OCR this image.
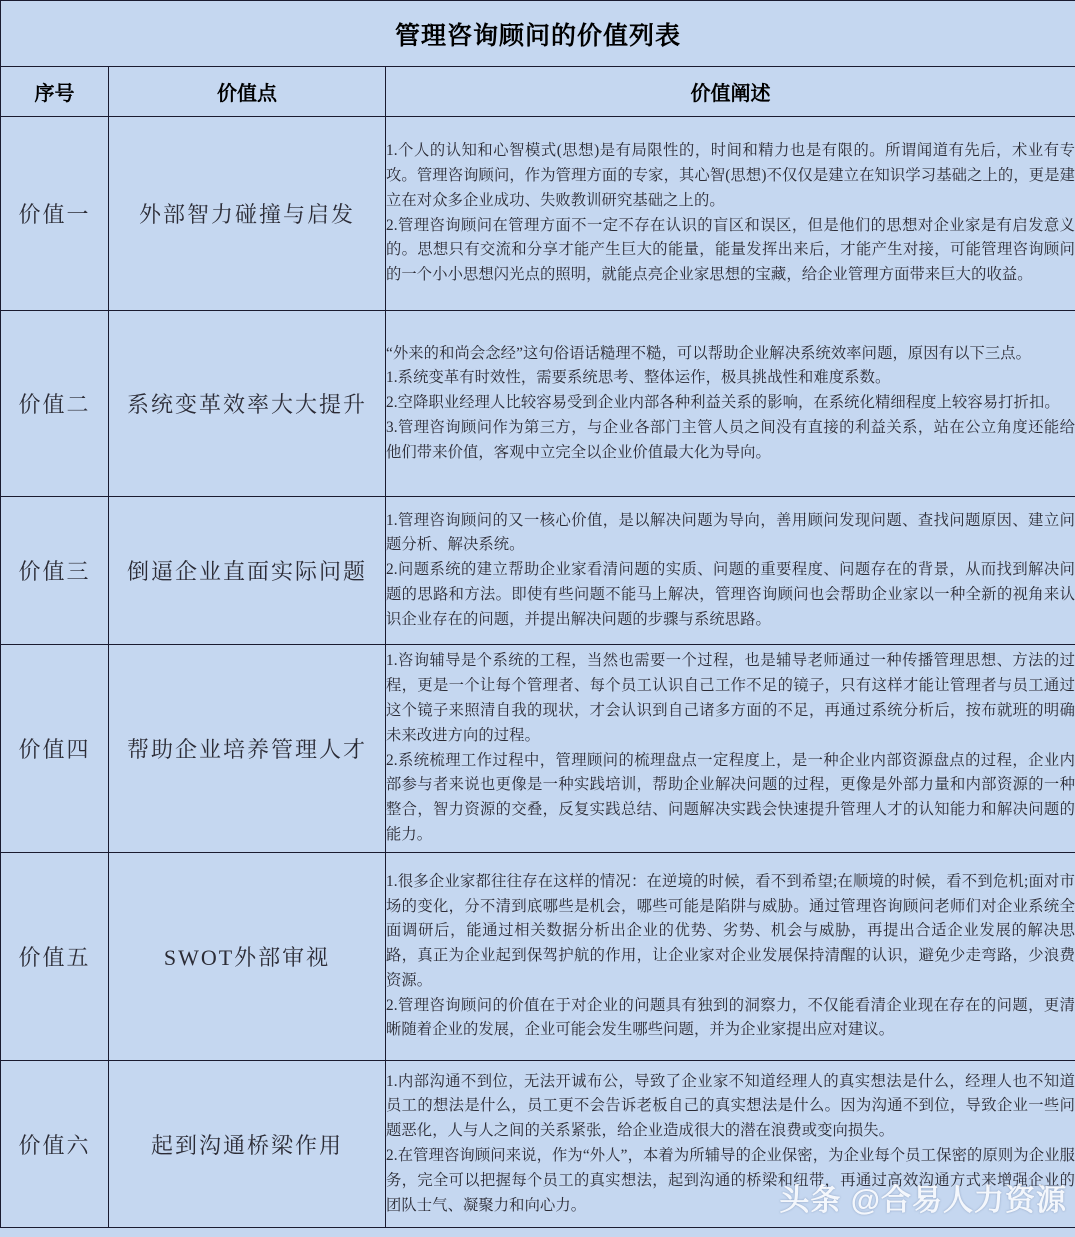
管理咨询顾问的价值列表		
序号	价值点	价值阐述
价值一	外部智力碰撞与启发	1.个人的认知和心智模式(思想)是有局限性的，时间和精力也是有限的。所谓闻道有先后，术业有专攻。管理咨询顾问，作为管理方面的专家，其心智(思想)不仅仅是建立在知识学习基础之上的，更是建立在对众多企业成功、失败教训研究基础之上的。

2.管理咨询顾问在管理方面不一定不存在认识的盲区和误区，但是他们的思想对企业家是有启发意义的。思想只有交流和分享才能产生巨大的能量，能量发挥出来后，才能产生对接，可能管理咨询顾问的一个小小思想闪光点的照明，就能点亮企业家思想的宝藏，给企业管理方面带来巨大的收益。

价值二	系统变革效率大大提升	“外来的和尚会念经”这句俗语话糙理不糙，可以帮助企业解决系统效率问题，原因有以下三点。

1.系统变革有时效性，需要系统思考、整体运作，极具挑战性和难度系数。

2.空降职业经理人比较容易受到企业内部各种利益关系的影响，在系统化精细程度上较容易打折扣。

3.管理咨询顾问作为第三方，与企业各部门主管人员之间没有直接的利益关系，站在公立角度还能给他们带来价值，客观中立完全以企业价值最大化为导向。

价值三	倒逼企业直面实际问题	1.管理咨询顾问的又一核心价值，是以解决问题为导向，善用顾问发现问题、查找问题原因、建立问题分析、解决系统。

2.问题系统的建立帮助企业家看清问题的实质、问题的重要程度、问题存在的背景，从而找到解决问题的思路和方法。即使有些问题不能马上解决，管理咨询顾问也会帮助企业家以一种全新的视角来认识企业存在的问题，并提出解决问题的步骤与系统思路。

价值四	帮助企业培养管理人才	1.咨询辅导是个系统的工程，当然也需要一个过程，也是辅导老师通过一种传播管理思想、方法的过程，更是一个让每个管理者、每个员工认识自己工作不足的镜子，只有这样才能让管理者与员工通过这个镜子来照清自我的现状，才会认识到自己诸多方面的不足，再通过系统分析后，按布就班的明确未来改进方向的过程。

2.系统梳理工作过程中，管理顾问的梳理盘点一定程度上，是一种企业内部资源盘点的过程，企业内部参与者来说也更像是一种实践培训，帮助企业解决问题的过程，更像是外部力量和内部资源的一种整合，智力资源的交叠，反复实践总结、问题解决实践会快速提升管理人才的认知能力和解决问题的能力。

价值五	SWOT外部审视	1.很多企业家都往往存在这样的情况：在逆境的时候，看不到希望;在顺境的时候，看不到危机;面对市场的变化，分不清到底哪些是机会，哪些可能是陷阱与威胁。通过管理咨询顾问老师们对企业系统全面调研后，能通过相关数据分析出企业的优势、劣势、机会与威胁，再提出合适企业发展的解决思路，真正为企业起到保驾护航的作用，让企业家对企业发展保持清醒的认识，避免少走弯路，少浪费资源。

2.管理咨询顾问的价值在于对企业的问题具有独到的洞察力，不仅能看清企业现在存在的问题，更清晰随着企业的发展，企业可能会发生哪些问题，并为企业家提出应对建议。

价值六	起到沟通桥梁作用	1.内部沟通不到位，无法开诚布公，导致了企业家不知道经理人的真实想法是什么，经理人也不知道员工的想法是什么，员工更不会告诉老板自己的真实想法是什么。因为沟通不到位，导致企业一些问题恶化，人与人之间的关系紧张，给企业造成很大的潜在浪费或变向损失。

2.在管理咨询顾问来说，作为“外人”，本着为所辅导的企业保密，为企业每个员工保密的原则为企业服务，完全可以把握每个员工的真实想法，起到沟通的桥梁和纽带，再通过高效沟通方式来增强企业的团队士气、凝聚力和向心力。	头条 @合易人力资源
